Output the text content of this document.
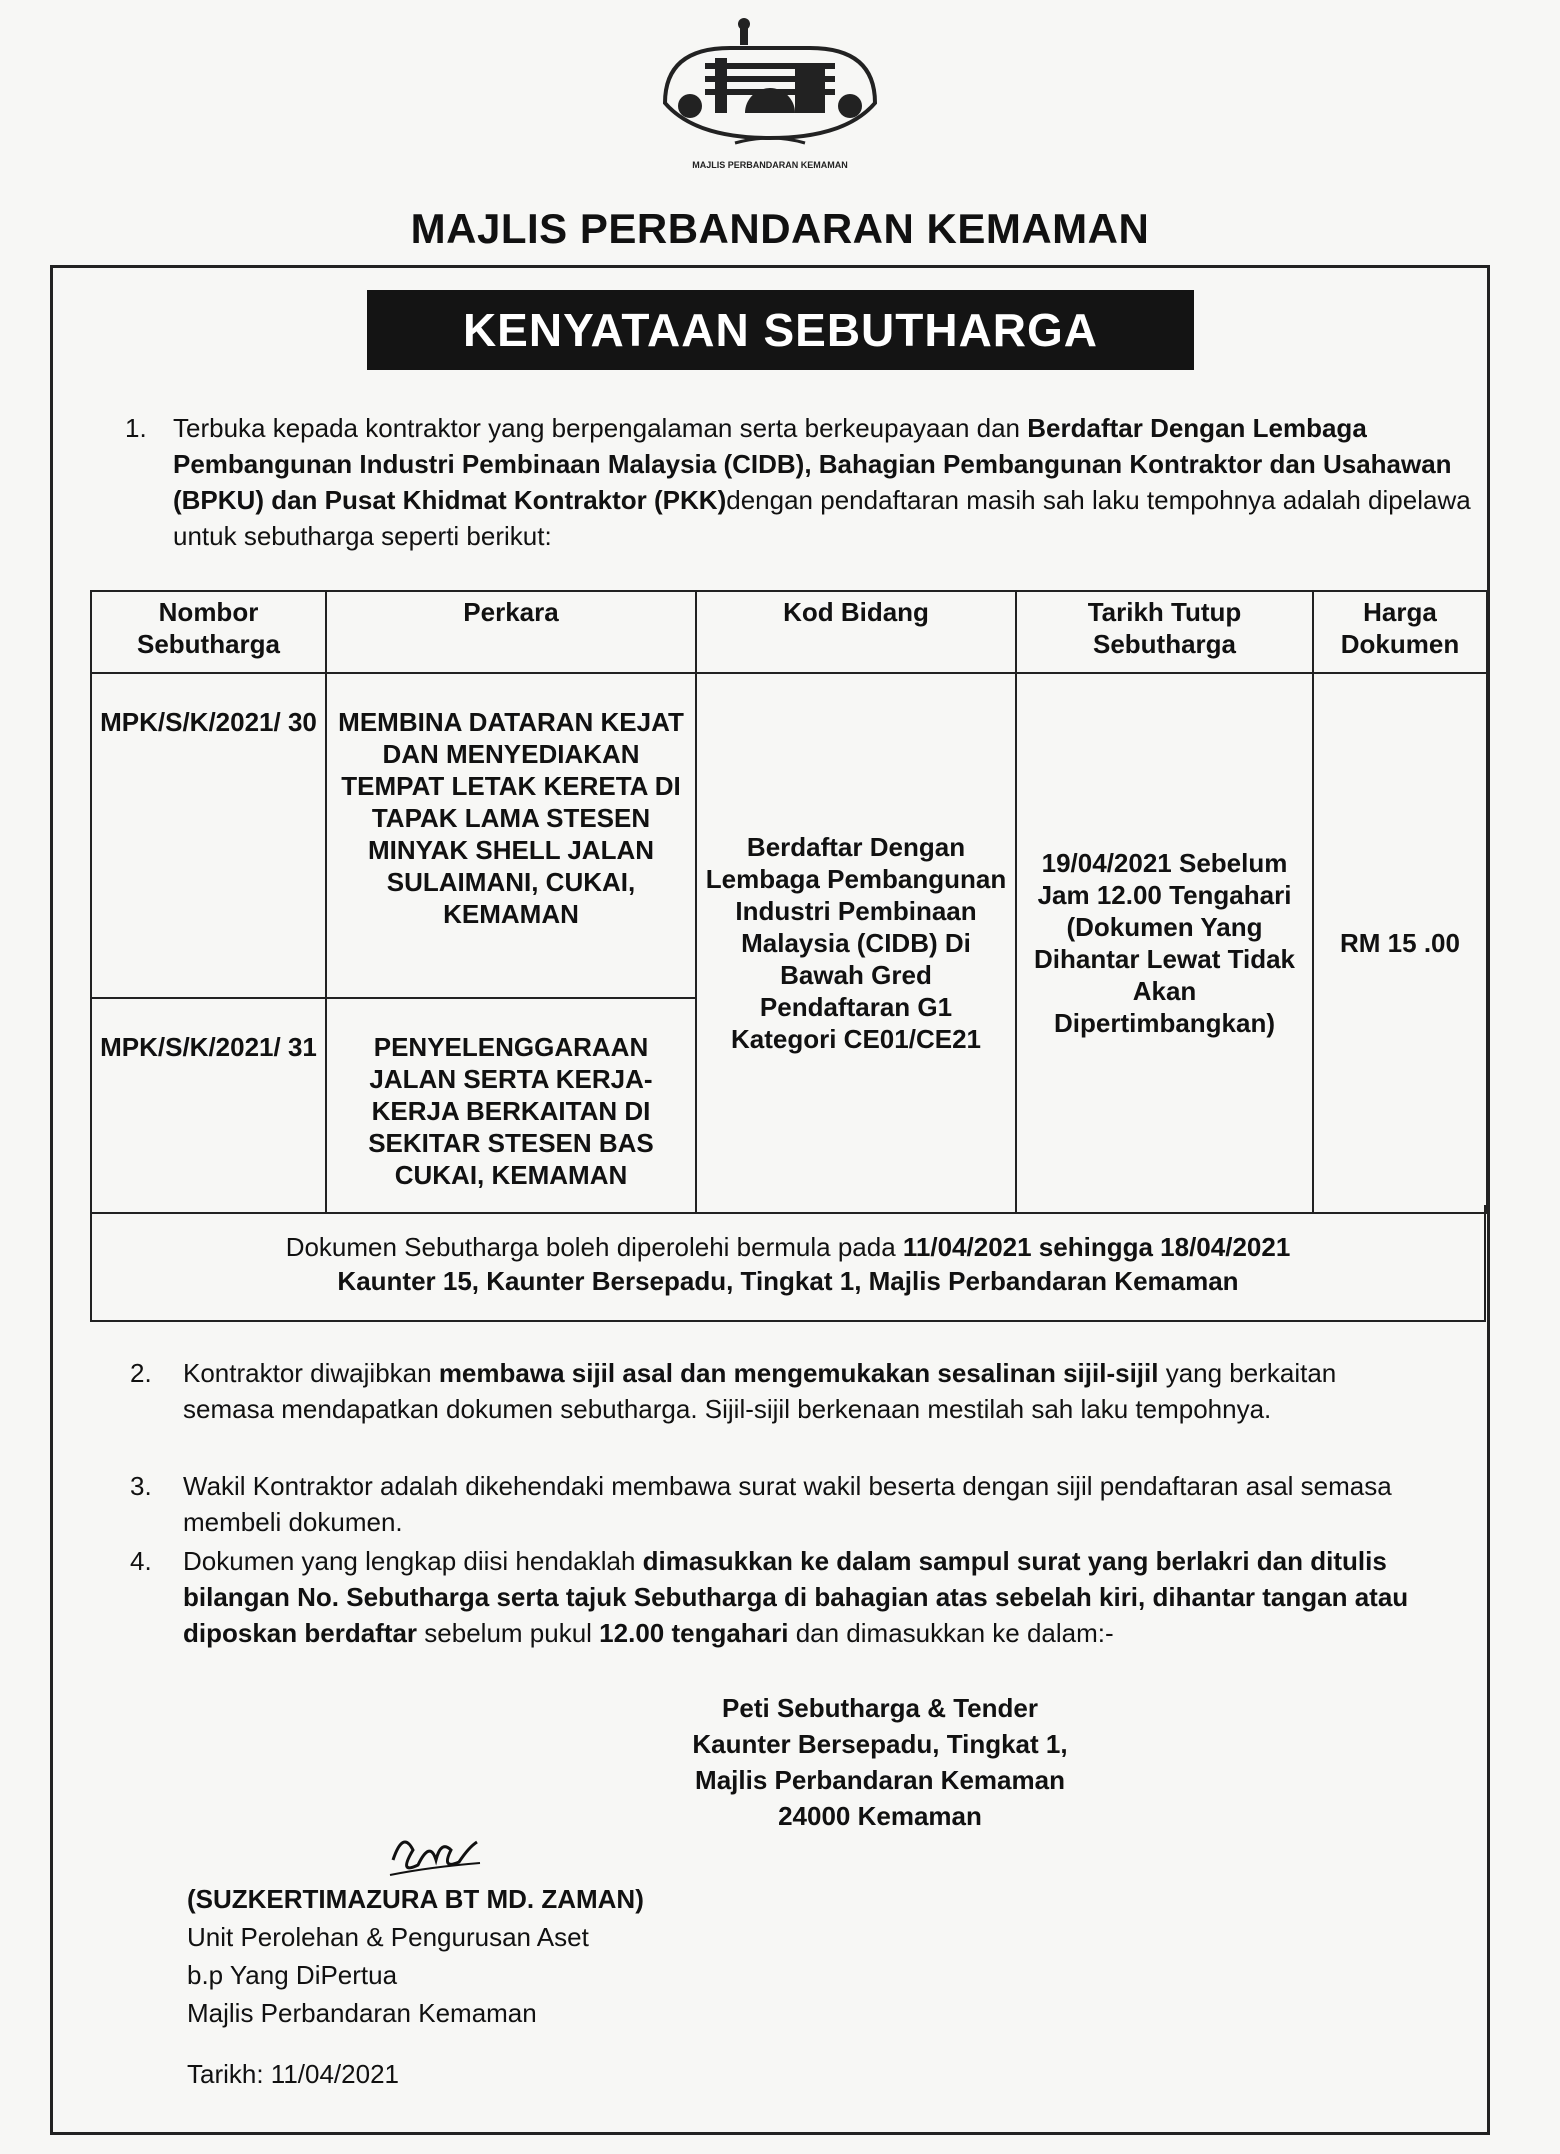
MAJLIS PERBANDARAN KEMAMAN
MAJLIS PERBANDARAN KEMAMAN
KENYATAAN SEBUTHARGA
1. Terbuka kepada kontraktor yang berpengalaman serta berkeupayaan dan Berdaftar Dengan Lembaga Pembangunan Industri Pembinaan Malaysia (CIDB), Bahagian Pembangunan Kontraktor dan Usahawan (BPKU) dan Pusat Khidmat Kontraktor (PKK)dengan pendaftaran masih sah laku tempohnya adalah dipelawa untuk sebutharga seperti berikut:
Nombor Sebutharga	Perkara	Kod Bidang	Tarikh Tutup Sebutharga	Harga Dokumen
MPK/S/K/2021/ 30	MEMBINA DATARAN KEJAT DAN MENYEDIAKAN TEMPAT LETAK KERETA DI TAPAK LAMA STESEN MINYAK SHELL JALAN SULAIMANI, CUKAI, KEMAMAN	Berdaftar Dengan Lembaga Pembangunan Industri Pembinaan Malaysia (CIDB) Di Bawah Gred Pendaftaran G1 Kategori CE01/CE21	19/04/2021 Sebelum Jam 12.00 Tengahari (Dokumen Yang Dihantar Lewat Tidak Akan Dipertimbangkan)	RM 15 .00
MPK/S/K/2021/ 31	PENYELENGGARAAN JALAN SERTA KERJA-KERJA BERKAITAN DI SEKITAR STESEN BAS CUKAI, KEMAMAN			
Dokumen Sebutharga boleh diperolehi bermula pada 11/04/2021 sehingga 18/04/2021
Kaunter 15, Kaunter Bersepadu, Tingkat 1, Majlis Perbandaran Kemaman
2. Kontraktor diwajibkan membawa sijil asal dan mengemukakan sesalinan sijil-sijil yang berkaitan semasa mendapatkan dokumen sebutharga. Sijil-sijil berkenaan mestilah sah laku tempohnya.
3. Wakil Kontraktor adalah dikehendaki membawa surat wakil beserta dengan sijil pendaftaran asal semasa membeli dokumen.
4. Dokumen yang lengkap diisi hendaklah dimasukkan ke dalam sampul surat yang berlakri dan ditulis bilangan No. Sebutharga serta tajuk Sebutharga di bahagian atas sebelah kiri, dihantar tangan atau diposkan berdaftar sebelum pukul 12.00 tengahari dan dimasukkan ke dalam:-
Peti Sebutharga & Tender
Kaunter Bersepadu, Tingkat 1,
Majlis Perbandaran Kemaman
24000 Kemaman
(SUZKERTIMAZURA BT MD. ZAMAN)
Unit Perolehan & Pengurusan Aset
b.p Yang DiPertua
Majlis Perbandaran Kemaman
Tarikh: 11/04/2021
